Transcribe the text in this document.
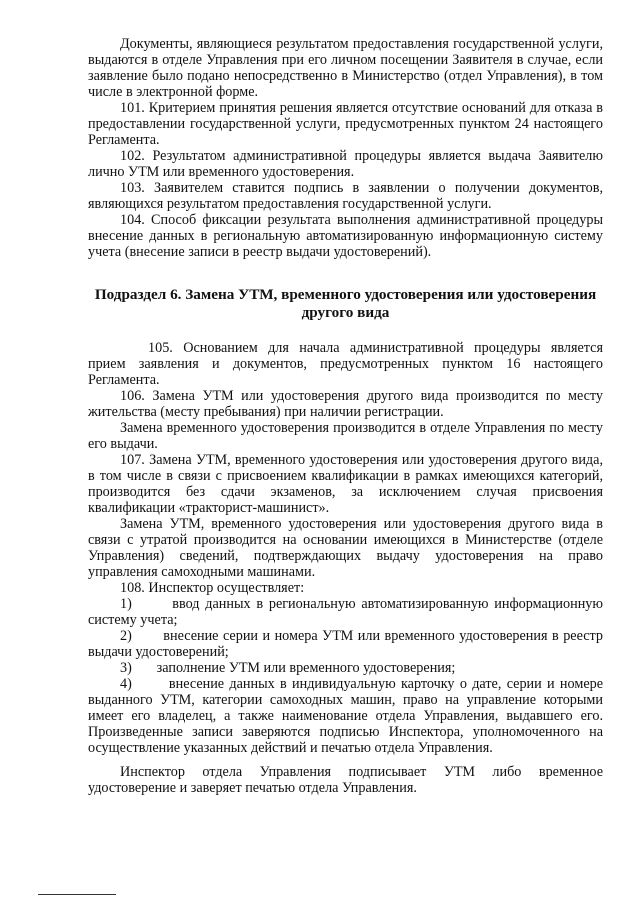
Документы, являющиеся результатом предоставления государственной услуги, выдаются в отделе Управления при его личном посещении Заявителя в случае, если заявление было подано непосредственно в Министерство (отдел Управления), в том числе в электронной форме.

101. Критерием принятия решения является отсутствие оснований для отказа в предоставлении государственной услуги, предусмотренных пунктом 24 настоящего Регламента.

102. Результатом административной процедуры является выдача Заявителю лично УТМ или временного удостоверения.

103. Заявителем ставится подпись в заявлении о получении документов, являющихся результатом предоставления государственной услуги.

104. Способ фиксации результата выполнения административной процедуры внесение данных в региональную автоматизированную информационную систему учета (внесение записи в реестр выдачи удостоверений).

Подраздел 6. Замена УТМ, временного удостоверения или удостоверения другого вида

105. Основанием для начала административной процедуры является прием заявления и документов, предусмотренных пунктом 16 настоящего Регламента.

106. Замена УТМ или удостоверения другого вида производится по месту жительства (месту пребывания) при наличии регистрации.

Замена временного удостоверения производится в отделе Управления по месту его выдачи.

107. Замена УТМ, временного удостоверения или удостоверения другого вида, в том числе в связи с присвоением квалификации в рамках имеющихся категорий, производится без сдачи экзаменов, за исключением случая присвоения квалификации «тракторист-машинист».

Замена УТМ, временного удостоверения или удостоверения другого вида в связи с утратой производится на основании имеющихся в Министерстве (отделе Управления) сведений, подтверждающих выдачу удостоверения на право управления самоходными машинами.

108. Инспектор осуществляет:

1)	ввод данных в региональную автоматизированную информационную систему учета;

2) внесение серии и номера УТМ или временного удостоверения в реестр выдачи удостоверений;

3) заполнение УТМ или временного удостоверения;

4)	внесение данных в индивидуальную карточку о дате, серии и номере выданного УТМ, категории самоходных машин, право на управление которыми имеет его владелец, а также наименование отдела Управления, выдавшего его. Произведенные записи заверяются подписью Инспектора, уполномоченного на осуществление указанных действий и печатью отдела Управления.

Инспектор отдела Управления подписывает УТМ либо временное удостоверение и заверяет печатью отдела Управления.
